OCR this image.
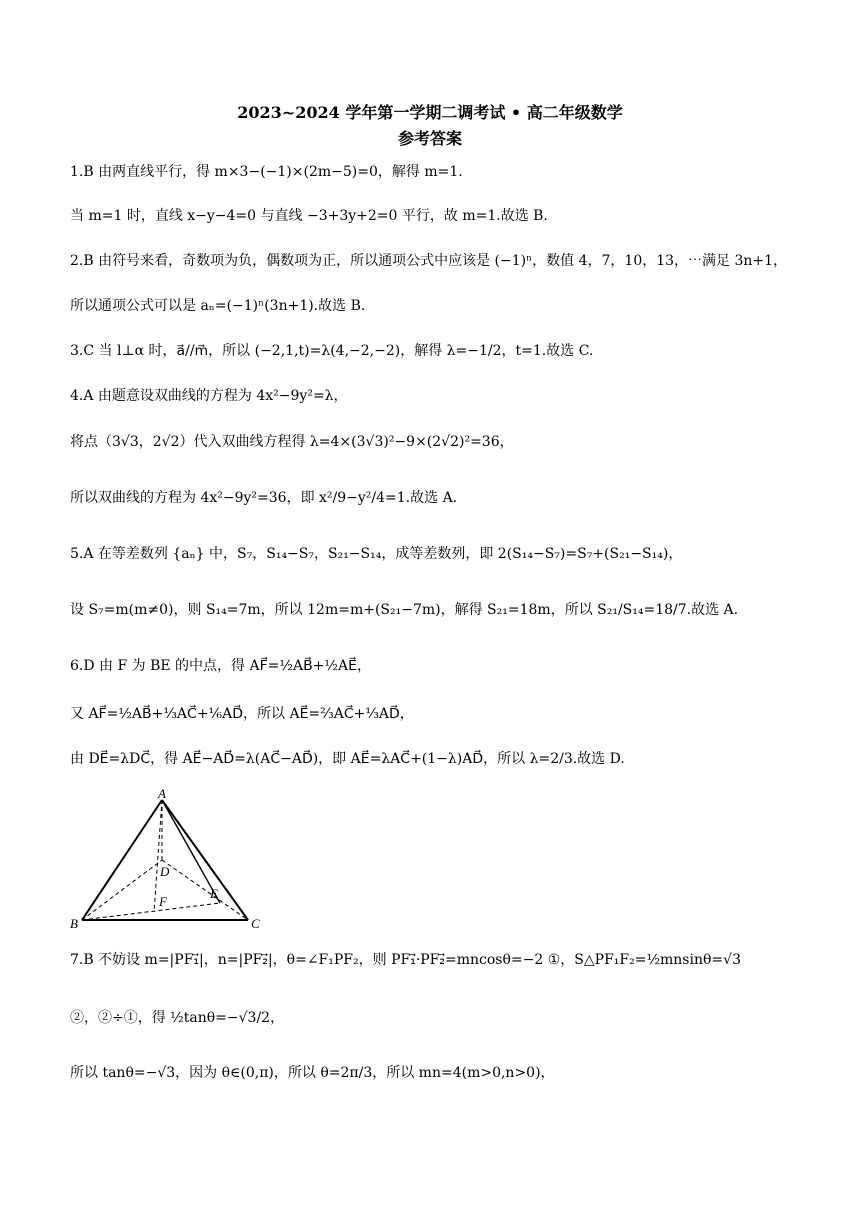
2023~2024 学年第一学期二调考试 • 高二年级数学
参考答案
1.B 由两直线平行，得 m×3−(−1)×(2m−5)=0，解得 m=1.
当 m=1 时，直线 x−y−4=0 与直线 −3+3y+2=0 平行，故 m=1.故选 B.
2.B 由符号来看，奇数项为负，偶数项为正，所以通项公式中应该是 (−1)ⁿ，数值 4，7，10，13，⋯满足 3n+1，
所以通项公式可以是 aₙ=(−1)ⁿ(3n+1).故选 B.
3.C 当 l⊥α 时，a⃗//m⃗，所以 (−2,1,t)=λ(4,−2,−2)，解得 λ=−1/2，t=1.故选 C.
4.A 由题意设双曲线的方程为 4x²−9y²=λ，
将点（3√3，2√2）代入双曲线方程得 λ=4×(3√3)²−9×(2√2)²=36，
所以双曲线的方程为 4x²−9y²=36，即 x²/9−y²/4=1.故选 A.
5.A 在等差数列 {aₙ} 中，S₇，S₁₄−S₇，S₂₁−S₁₄，成等差数列，即 2(S₁₄−S₇)=S₇+(S₂₁−S₁₄)，
设 S₇=m(m≠0)，则 S₁₄=7m，所以 12m=m+(S₂₁−7m)，解得 S₂₁=18m，所以 S₂₁/S₁₄=18/7.故选 A.
6.D 由 F 为 BE 的中点，得 AF⃗=½AB⃗+½AE⃗，
又 AF⃗=½AB⃗+⅓AC⃗+⅙AD⃗，所以 AE⃗=⅔AC⃗+⅓AD⃗，
由 DE⃗=λDC⃗，得 AE⃗−AD⃗=λ(AC⃗−AD⃗)，即 AE⃗=λAC⃗+(1−λ)AD⃗，所以 λ=2/3.故选 D.
A
B	C
D
E
F
7.B 不妨设 m=|PF₁⃗|，n=|PF₂⃗|，θ=∠F₁PF₂，则 PF₁⃗·PF₂⃗=mncosθ=−2 ①，S△PF₁F₂=½mnsinθ=√3
②，②÷①，得 ½tanθ=−√3/2，
所以 tanθ=−√3，因为 θ∈(0,π)，所以 θ=2π/3，所以 mn=4(m>0,n>0)，
